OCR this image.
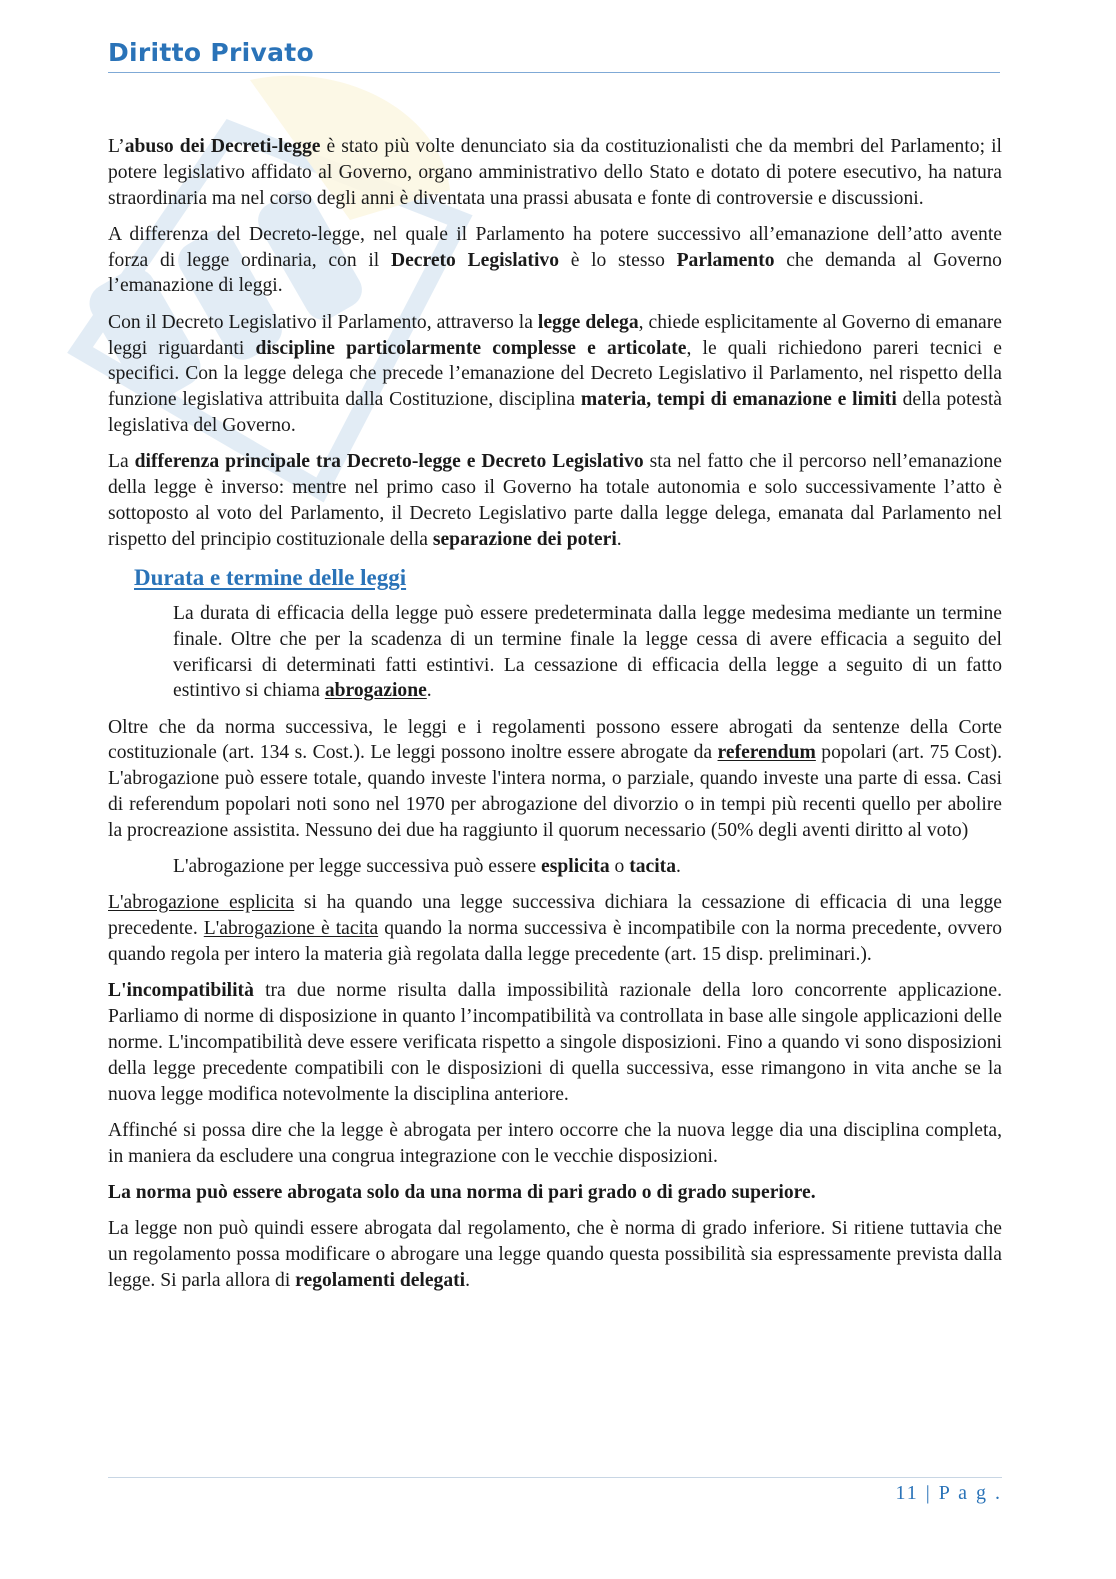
Diritto Privato

L’abuso dei Decreti-legge è stato più volte denunciato sia da costituzionalisti che da membri del Parlamento; il potere legislativo affidato al Governo, organo amministrativo dello Stato e dotato di potere esecutivo, ha natura straordinaria ma nel corso degli anni è diventata una prassi abusata e fonte di controversie e discussioni.

A differenza del Decreto-legge, nel quale il Parlamento ha potere successivo all’emanazione dell’atto avente forza di legge ordinaria, con il Decreto Legislativo è lo stesso Parlamento che demanda al Governo l’emanazione di leggi.

Con il Decreto Legislativo il Parlamento, attraverso la legge delega, chiede esplicitamente al Governo di emanare leggi riguardanti discipline particolarmente complesse e articolate, le quali richiedono pareri tecnici e specifici. Con la legge delega che precede l’emanazione del Decreto Legislativo il Parlamento, nel rispetto della funzione legislativa attribuita dalla Costituzione, disciplina materia, tempi di emanazione e limiti della potestà legislativa del Governo.

La differenza principale tra Decreto-legge e Decreto Legislativo sta nel fatto che il percorso nell’emanazione della legge è inverso: mentre nel primo caso il Governo ha totale autonomia e solo successivamente l’atto è sottoposto al voto del Parlamento, il Decreto Legislativo parte dalla legge delega, emanata dal Parlamento nel rispetto del principio costituzionale della separazione dei poteri.

Durata e termine delle leggi

La durata di efficacia della legge può essere predeterminata dalla legge medesima mediante un termine finale. Oltre che per la scadenza di un termine finale la legge cessa di avere efficacia a seguito del verificarsi di determinati fatti estintivi. La cessazione di efficacia della legge a seguito di un fatto estintivo si chiama abrogazione.

Oltre che da norma successiva, le leggi e i regolamenti possono essere abrogati da sentenze della Corte costituzionale (art. 134 s. Cost.). Le leggi possono inoltre essere abrogate da referendum popolari (art. 75 Cost). L'abrogazione può essere totale, quando investe l'intera norma, o parziale, quando investe una parte di essa. Casi di referendum popolari noti sono nel 1970 per abrogazione del divorzio o in tempi più recenti quello per abolire la procreazione assistita. Nessuno dei due ha raggiunto il quorum necessario (50% degli aventi diritto al voto)

L'abrogazione per legge successiva può essere esplicita o tacita.

L'abrogazione esplicita si ha quando una legge successiva dichiara la cessazione di efficacia di una legge precedente. L'abrogazione è tacita quando la norma successiva è incompatibile con la norma precedente, ovvero quando regola per intero la materia già regolata dalla legge precedente (art. 15 disp. preliminari.).

L'incompatibilità tra due norme risulta dalla impossibilità razionale della loro concorrente applicazione. Parliamo di norme di disposizione in quanto l’incompatibilità va controllata in base alle singole applicazioni delle norme. L'incompatibilità deve essere verificata rispetto a singole disposizioni. Fino a quando vi sono disposizioni della legge precedente compatibili con le disposizioni di quella successiva, esse rimangono in vita anche se la nuova legge modifica notevolmente la disciplina anteriore.

Affinché si possa dire che la legge è abrogata per intero occorre che la nuova legge dia una disciplina completa, in maniera da escludere una congrua integrazione con le vecchie disposizioni.

La norma può essere abrogata solo da una norma di pari grado o di grado superiore.

La legge non può quindi essere abrogata dal regolamento, che è norma di grado inferiore. Si ritiene tuttavia che un regolamento possa modificare o abrogare una legge quando questa possibilità sia espressamente prevista dalla legge. Si parla allora di regolamenti delegati.

11 | P a g .
